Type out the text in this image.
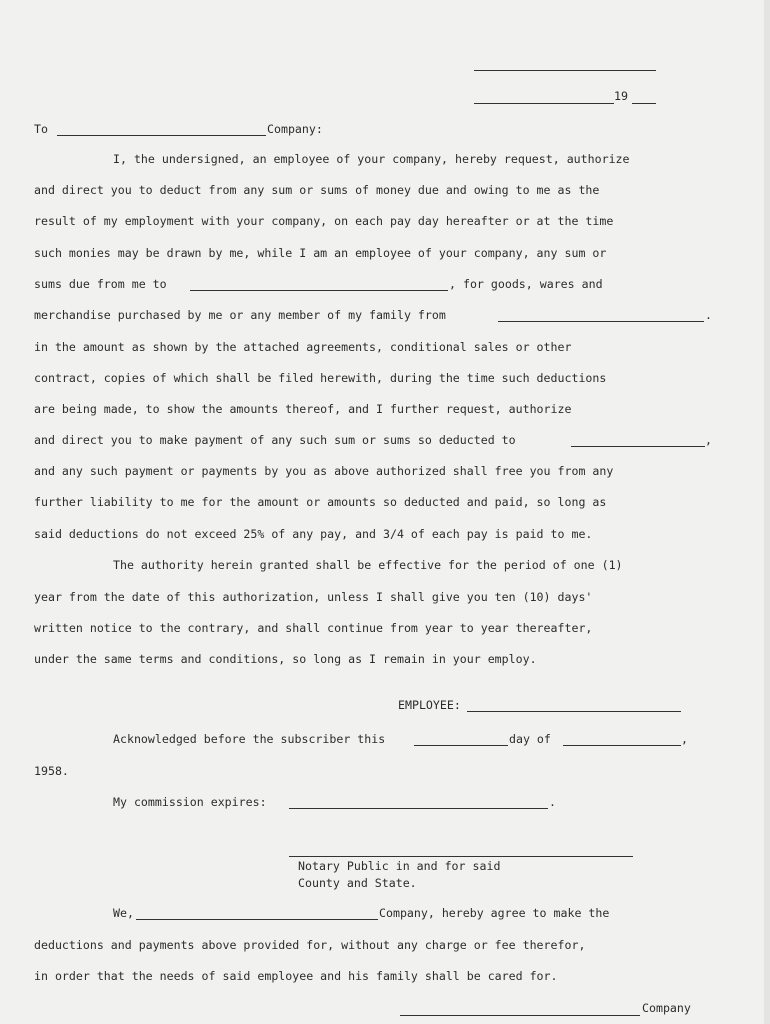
19
To	Company:
I, the undersigned, an employee of your company, hereby request, authorize
and direct you to deduct from any sum or sums of money due and owing to me as the
result of my employment with your company, on each pay day hereafter or at the time
such monies may be drawn by me, while I am an employee of your company, any sum or
sums due from me to	, for goods, wares and
merchandise purchased by me or any member of my family from	.
in the amount as shown by the attached agreements, conditional sales or other
contract, copies of which shall be filed herewith, during the time such deductions
are being made, to show the amounts thereof, and I further request, authorize
and direct you to make payment of any such sum or sums so deducted to	,
and any such payment or payments by you as above authorized shall free you from any
further liability to me for the amount or amounts so deducted and paid, so long as
said deductions do not exceed 25% of any pay, and 3/4 of each pay is paid to me.
The authority herein granted shall be effective for the period of one (1)
year from the date of this authorization, unless I shall give you ten (10) days'
written notice to the contrary, and shall continue from year to year thereafter,
under the same terms and conditions, so long as I remain in your employ.
EMPLOYEE:
Acknowledged before the subscriber this	day of	,
1958.
My commission expires:	.
Notary Public in and for said
County and State.
We,	Company, hereby agree to make the
deductions and payments above provided for, without any charge or fee therefor,
in order that the needs of said employee and his family shall be cared for.
Company
